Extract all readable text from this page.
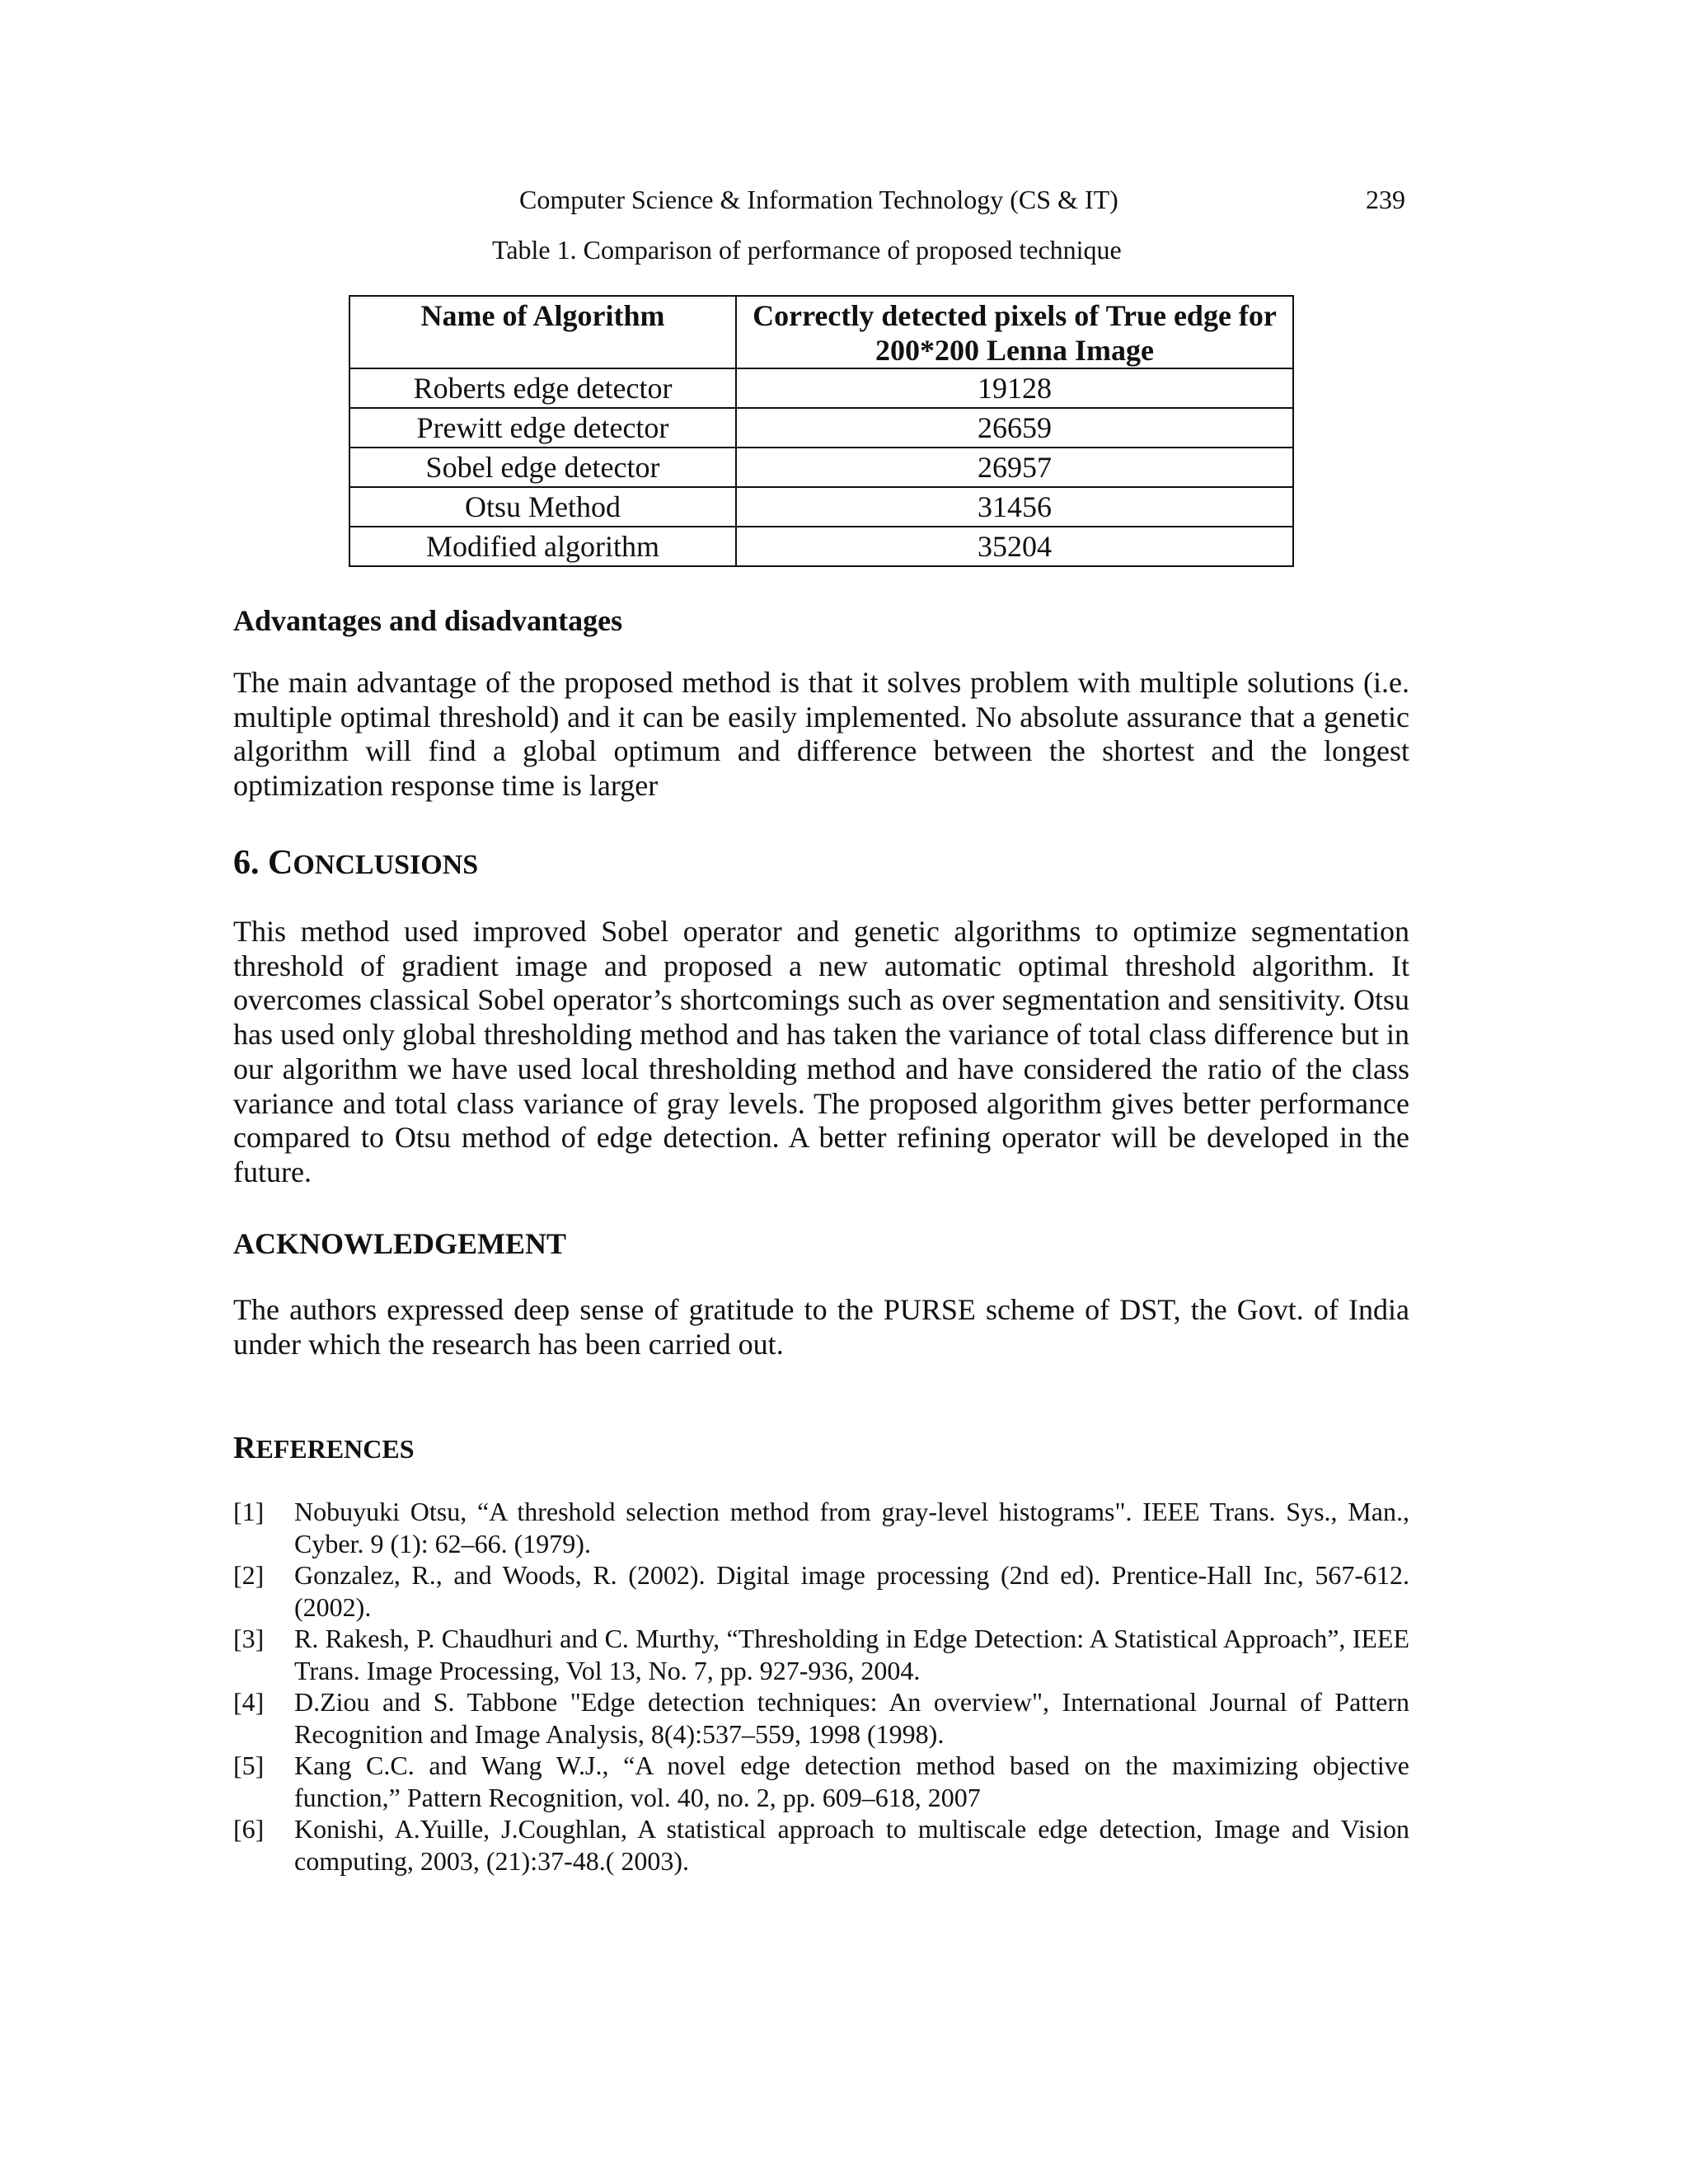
Computer Science & Information Technology (CS & IT)	239
Table 1. Comparison of performance of proposed technique
Name of Algorithm	Correctly detected pixels of True edge for 200*200 Lenna Image
Roberts edge detector	19128
Prewitt edge detector	26659
Sobel edge detector	26957
Otsu Method	31456
Modified algorithm	35204

Advantages and disadvantages

The main advantage of the proposed method is that it solves problem with multiple solutions (i.e. multiple optimal threshold) and it can be easily implemented. No absolute assurance that a genetic algorithm will find a global optimum and difference between the shortest and the longest optimization response time is larger

6. CONCLUSIONS

This method used improved Sobel operator and genetic algorithms to optimize segmentation threshold of gradient image and proposed a new automatic optimal threshold algorithm. It overcomes classical Sobel operator’s shortcomings such as over segmentation and sensitivity. Otsu has used only global thresholding method and has taken the variance of total class difference but in our algorithm we have used local thresholding method and have considered the ratio of the class variance and total class variance of gray levels. The proposed algorithm gives better performance compared to Otsu method of edge detection. A better refining operator will be developed in the future.

ACKNOWLEDGEMENT

The authors expressed deep sense of gratitude to the PURSE scheme of DST, the Govt. of India under which the research has been carried out.

REFERENCES

[1]	Nobuyuki Otsu, “A threshold selection method from gray-level histograms". IEEE Trans. Sys., Man., Cyber. 9 (1): 62–66. (1979).
[2]	Gonzalez, R., and Woods, R. (2002). Digital image processing (2nd ed). Prentice-Hall Inc, 567-612. (2002).
[3]	R. Rakesh, P. Chaudhuri and C. Murthy, “Thresholding in Edge Detection: A Statistical Approach”, IEEE Trans. Image Processing, Vol 13, No. 7, pp. 927-936, 2004.
[4]	D.Ziou and S. Tabbone "Edge detection techniques: An overview", International Journal of Pattern Recognition and Image Analysis, 8(4):537–559, 1998 (1998).
[5]	Kang C.C. and Wang W.J., “A novel edge detection method based on the maximizing objective function,” Pattern Recognition, vol. 40, no. 2, pp. 609–618, 2007
[6]	Konishi, A.Yuille, J.Coughlan, A statistical approach to multiscale edge detection, Image and Vision computing, 2003, (21):37-48.( 2003).
